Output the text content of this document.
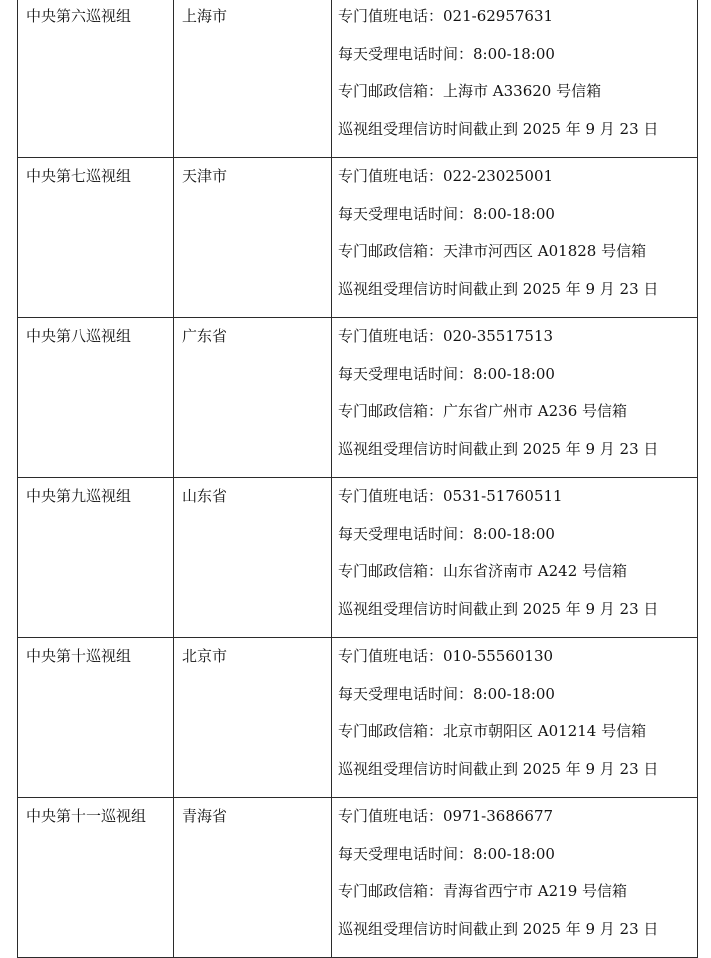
中央第六巡视组	上海市	专门值班电话：021-62957631
每天受理电话时间：8:00-18:00
专门邮政信箱：上海市 A33620 号信箱
巡视组受理信访时间截止到 2025 年 9 月 23 日

中央第七巡视组	天津市	专门值班电话：022-23025001
每天受理电话时间：8:00-18:00
专门邮政信箱：天津市河西区 A01828 号信箱
巡视组受理信访时间截止到 2025 年 9 月 23 日

中央第八巡视组	广东省	专门值班电话：020-35517513
每天受理电话时间：8:00-18:00
专门邮政信箱：广东省广州市 A236 号信箱
巡视组受理信访时间截止到 2025 年 9 月 23 日

中央第九巡视组	山东省	专门值班电话：0531-51760511
每天受理电话时间：8:00-18:00
专门邮政信箱：山东省济南市 A242 号信箱
巡视组受理信访时间截止到 2025 年 9 月 23 日

中央第十巡视组	北京市	专门值班电话：010-55560130
每天受理电话时间：8:00-18:00
专门邮政信箱：北京市朝阳区 A01214 号信箱
巡视组受理信访时间截止到 2025 年 9 月 23 日

中央第十一巡视组	青海省	专门值班电话：0971-3686677
每天受理电话时间：8:00-18:00
专门邮政信箱：青海省西宁市 A219 号信箱
巡视组受理信访时间截止到 2025 年 9 月 23 日
